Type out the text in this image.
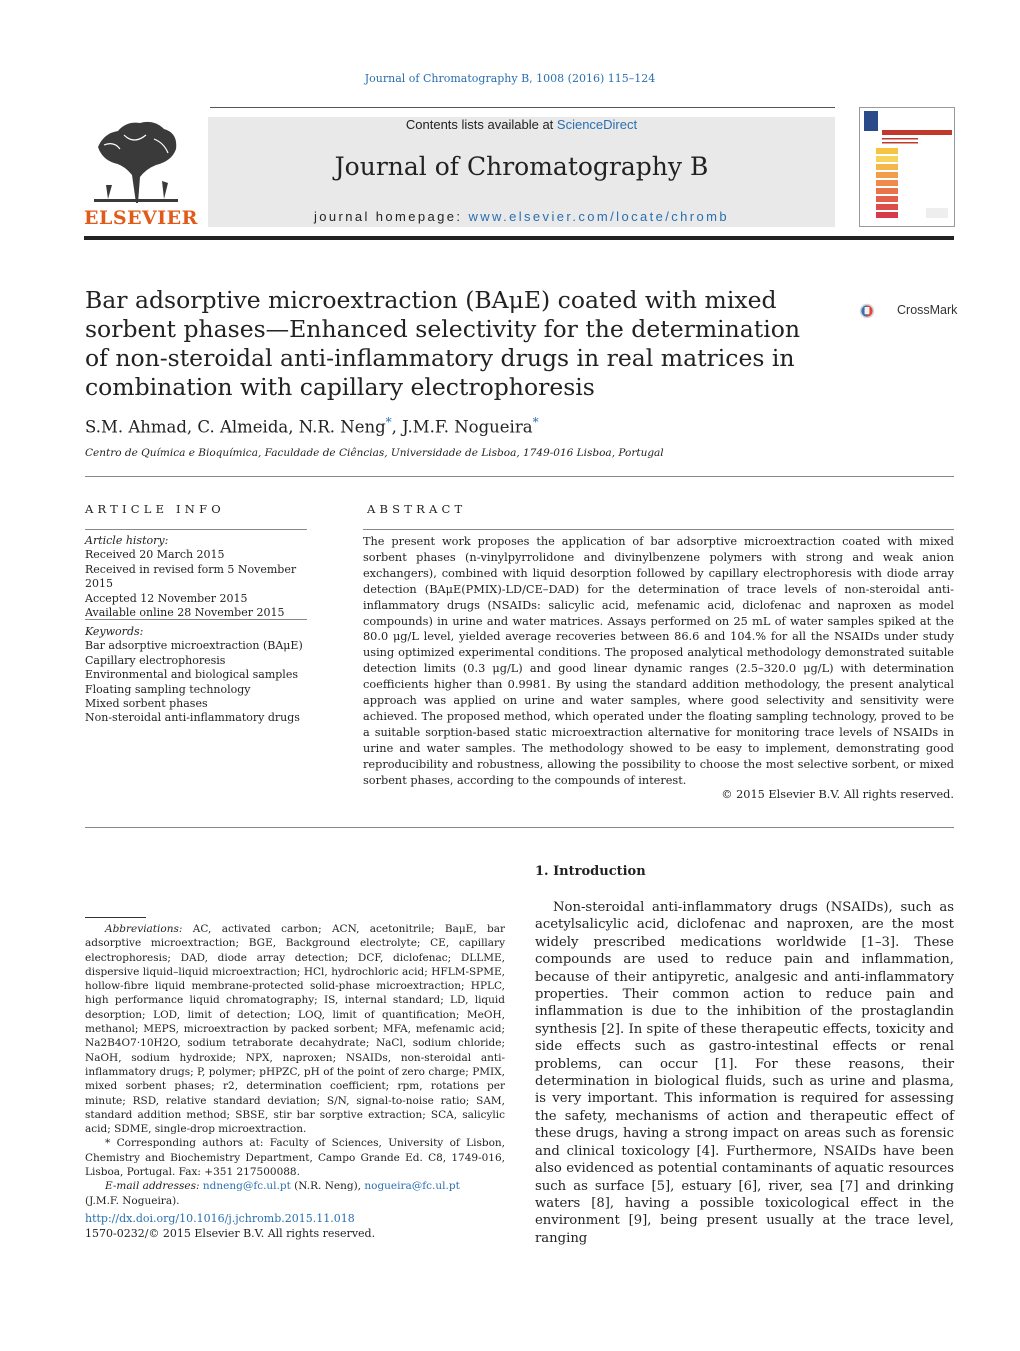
Journal of Chromatography B, 1008 (2016) 115–124
ELSEVIER
Contents lists available at ScienceDirect
Journal of Chromatography B
journal homepage: www.elsevier.com/locate/chromb
Bar adsorptive microextraction (BAμE) coated with mixed sorbent phases—Enhanced selectivity for the determination of non-steroidal anti-inflammatory drugs in real matrices in combination with capillary electrophoresis
CrossMark
S.M. Ahmad, C. Almeida, N.R. Neng*, J.M.F. Nogueira*
Centro de Química e Bioquímica, Faculdade de Ciências, Universidade de Lisboa, 1749-016 Lisboa, Portugal
ARTICLE INFO
Article history:
Received 20 March 2015
Received in revised form 5 November 2015
Accepted 12 November 2015
Available online 28 November 2015
Keywords:
Bar adsorptive microextraction (BAμE)
Capillary electrophoresis
Environmental and biological samples
Floating sampling technology
Mixed sorbent phases
Non-steroidal anti-inflammatory drugs
ABSTRACT
The present work proposes the application of bar adsorptive microextraction coated with mixed sorbent phases (n-vinylpyrrolidone and divinylbenzene polymers with strong and weak anion exchangers), combined with liquid desorption followed by capillary electrophoresis with diode array detection (BAμE(PMIX)-LD/CE–DAD) for the determination of trace levels of non-steroidal anti-inflammatory drugs (NSAIDs: salicylic acid, mefenamic acid, diclofenac and naproxen as model compounds) in urine and water matrices. Assays performed on 25 mL of water samples spiked at the 80.0 μg/L level, yielded average recoveries between 86.6 and 104.% for all the NSAIDs under study using optimized experimental conditions. The proposed analytical methodology demonstrated suitable detection limits (0.3 μg/L) and good linear dynamic ranges (2.5–320.0 μg/L) with determination coefficients higher than 0.9981. By using the standard addition methodology, the present analytical approach was applied on urine and water samples, where good selectivity and sensitivity were achieved. The proposed method, which operated under the floating sampling technology, proved to be a suitable sorption-based static microextraction alternative for monitoring trace levels of NSAIDs in urine and water samples. The methodology showed to be easy to implement, demonstrating good reproducibility and robustness, allowing the possibility to choose the most selective sorbent, or mixed sorbent phases, according to the compounds of interest.
© 2015 Elsevier B.V. All rights reserved.
1. Introduction

Non-steroidal anti-inflammatory drugs (NSAIDs), such as acetylsalicylic acid, diclofenac and naproxen, are the most widely prescribed medications worldwide [1–3]. These compounds are used to reduce pain and inflammation, because of their antipyretic, analgesic and anti-inflammatory properties. Their common action to reduce pain and inflammation is due to the inhibition of the prostaglandin synthesis [2]. In spite of these therapeutic effects, toxicity and side effects such as gastro-intestinal effects or renal problems, can occur [1]. For these reasons, their determination in biological fluids, such as urine and plasma, is very important. This information is required for assessing the safety, mechanisms of action and therapeutic effect of these drugs, having a strong impact on areas such as forensic and clinical toxicology [4]. Furthermore, NSAIDs have been also evidenced as potential contaminants of aquatic resources such as surface [5], estuary [6], river, sea [7] and drinking waters [8], having a possible toxicological effect in the environment [9], being present usually at the trace level, ranging

Abbreviations: AC, activated carbon; ACN, acetonitrile; BaμE, bar adsorptive microextraction; BGE, Background electrolyte; CE, capillary electrophoresis; DAD, diode array detection; DCF, diclofenac; DLLME, dispersive liquid–liquid microextraction; HCl, hydrochloric acid; HFLM-SPME, hollow-fibre liquid membrane-protected solid-phase microextraction; HPLC, high performance liquid chromatography; IS, internal standard; LD, liquid desorption; LOD, limit of detection; LOQ, limit of quantification; MeOH, methanol; MEPS, microextraction by packed sorbent; MFA, mefenamic acid; Na2B4O7·10H2O, sodium tetraborate decahydrate; NaCl, sodium chloride; NaOH, sodium hydroxide; NPX, naproxen; NSAIDs, non-steroidal anti-inflammatory drugs; P, polymer; pHPZC, pH of the point of zero charge; PMIX, mixed sorbent phases; r2, determination coefficient; rpm, rotations per minute; RSD, relative standard deviation; S/N, signal-to-noise ratio; SAM, standard addition method; SBSE, stir bar sorptive extraction; SCA, salicylic acid; SDME, single-drop microextraction.

* Corresponding authors at: Faculty of Sciences, University of Lisbon, Chemistry and Biochemistry Department, Campo Grande Ed. C8, 1749-016, Lisboa, Portugal. Fax: +351 217500088.

E-mail addresses: ndneng@fc.ul.pt (N.R. Neng), nogueira@fc.ul.pt
(J.M.F. Nogueira).

http://dx.doi.org/10.1016/j.jchromb.2015.11.018
1570-0232/© 2015 Elsevier B.V. All rights reserved.
